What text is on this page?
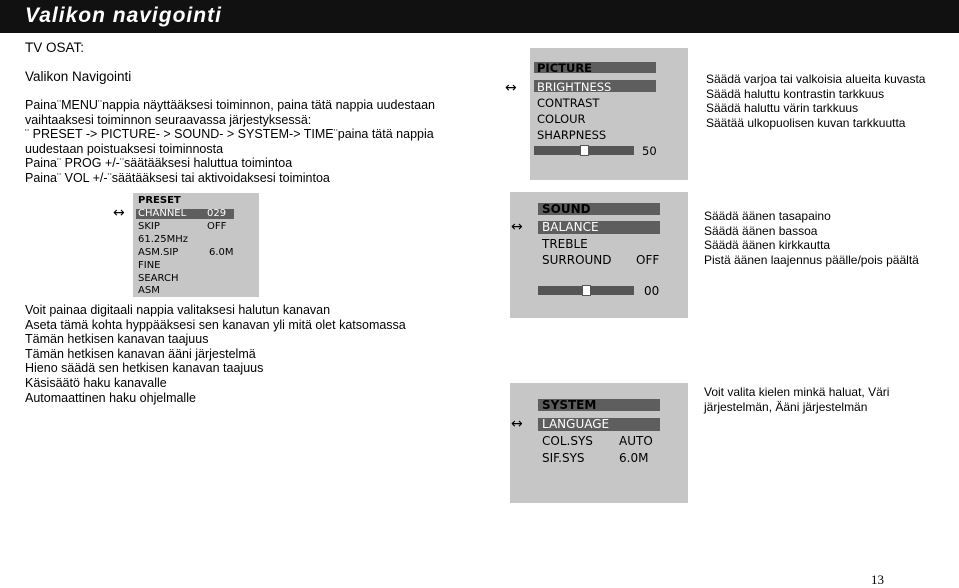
Valikon navigointi
TV OSAT:
Valikon Navigointi
Paina¨MENU¨nappia näyttääksesi toiminnon, paina tätä nappia uudestaan
vaihtaaksesi toiminnon seuraavassa järjestyksessä:
¨ PRESET -> PICTURE- > SOUND- > SYSTEM-> TIME¨paina tätä nappia
uudestaan poistuaksesi toiminnosta
Paina¨ PROG +/-¨säätääksesi haluttua toimintoa
Paina¨ VOL +/-¨säätääksesi tai aktivoidaksesi toimintoa
PRESET
CHANNEL 029
SKIP	OFF
61.25MHz
ASM.SIP	6.0M
FINE
SEARCH
ASM
↔
Voit painaa digitaali nappia valitaksesi halutun kanavan
Aseta tämä kohta hyppääksesi sen kanavan yli mitä olet katsomassa
Tämän hetkisen kanavan taajuus
Tämän hetkisen kanavan ääni järjestelmä
Hieno säädä sen hetkisen kanavan taajuus
Käsisäätö haku kanavalle
Automaattinen haku ohjelmalle
PICTURE
BRIGHTNESS
CONTRAST
COLOUR
SHARPNESS
50
↔
Säädä varjoa tai valkoisia alueita kuvasta
Säädä haluttu kontrastin tarkkuus
Säädä haluttu värin tarkkuus
Säätää ulkopuolisen kuvan tarkkuutta
SOUND
BALANCE
TREBLE
SURROUND OFF
00
↔
Säädä äänen tasapaino
Säädä äänen bassoa
Säädä äänen kirkkautta
Pistä äänen laajennus päälle/pois päältä
SYSTEM
LANGUAGE
COL.SYS AUTO
SIF.SYS	6.0M
↔
Voit valita kielen minkä haluat, Väri
järjestelmän, Ääni järjestelmän
13
